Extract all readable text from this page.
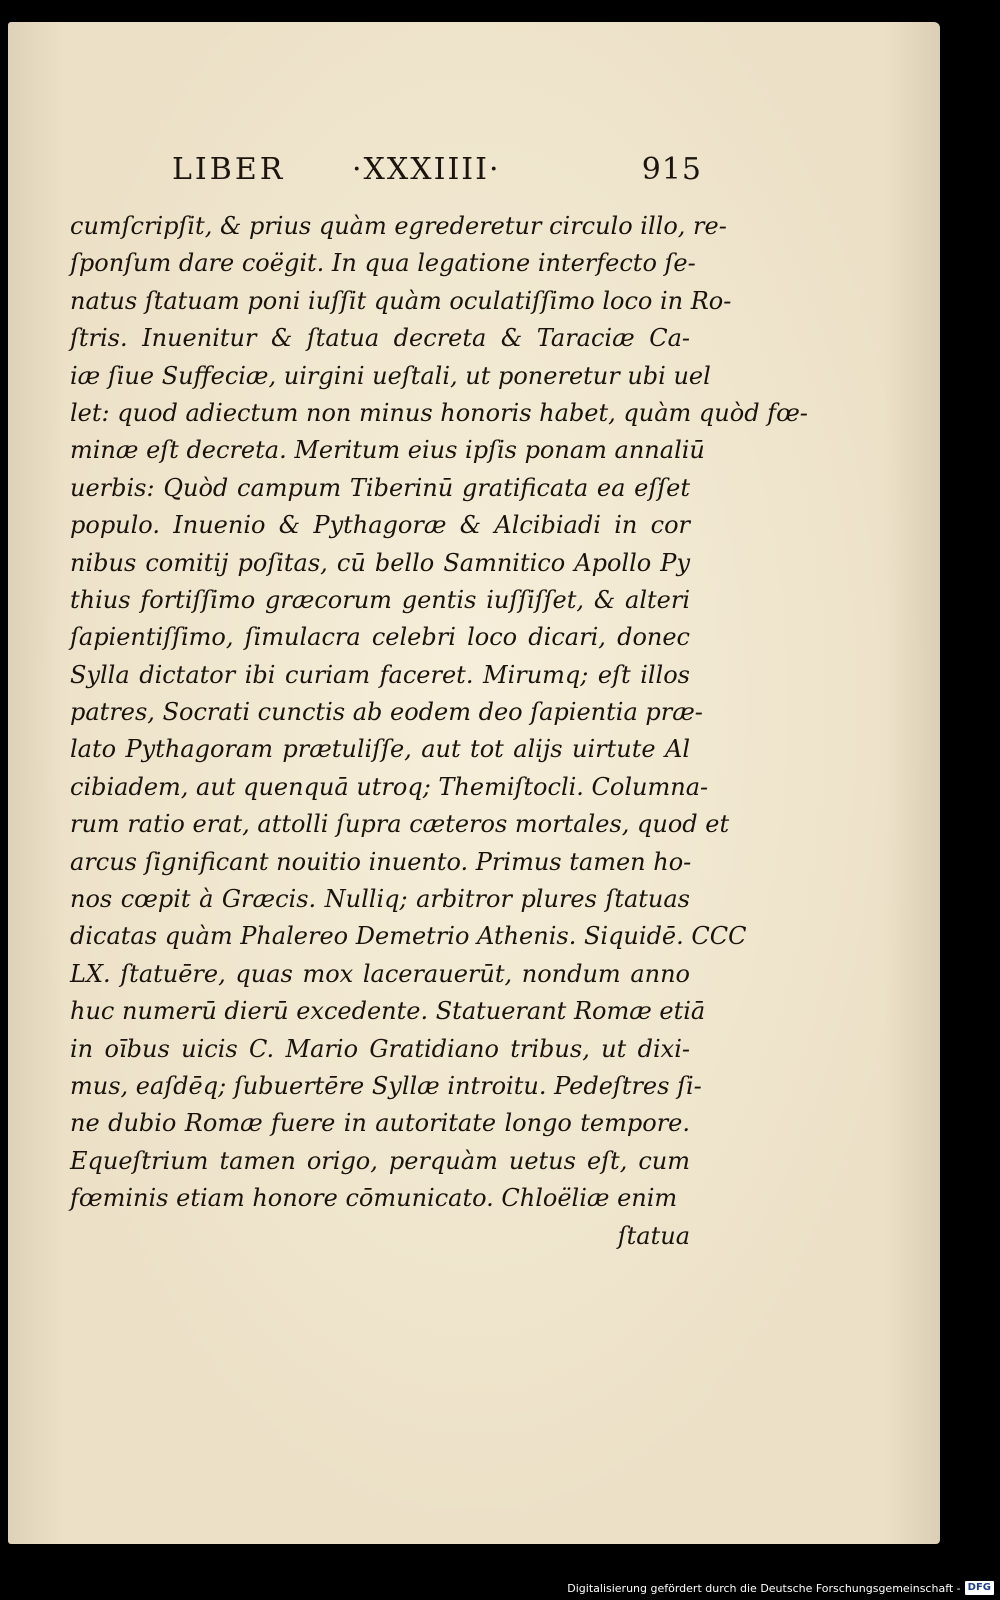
LIBER ·XXXIIII·	915
cumſcripſit, & prius quàm egrederetur circulo illo, re-
ſponſum dare coëgit. In qua legatione interfecto ſe-
natus ſtatuam poni iuſſit quàm oculatiſſimo loco in Ro-
ſtris. Inuenitur & ſtatua decreta & Taraciæ Ca-
iæ ſiue Suffeciæ, uirgini ueſtali, ut poneretur ubi uel
let: quod adiectum non minus honoris habet, quàm quòd fœ-
minæ eſt decreta. Meritum eius ipſis ponam annaliū
uerbis: Quòd campum Tiberinū gratificata ea eſſet
populo. Inuenio & Pythagoræ & Alcibiadi in cor
nibus comitij poſitas, cū bello Samnitico Apollo Py
thius fortiſſimo græcorum gentis iuſſiſſet, & alteri
ſapientiſſimo, ſimulacra celebri loco dicari, donec
Sylla dictator ibi curiam faceret. Mirumq; eſt illos
patres, Socrati cunctis ab eodem deo ſapientia præ-
lato Pythagoram prætuliſſe, aut tot alijs uirtute Al
cibiadem, aut quenquā utroq; Themiſtocli. Columna-
rum ratio erat, attolli ſupra cæteros mortales, quod et
arcus ſignificant nouitio inuento. Primus tamen ho-
nos cœpit à Græcis. Nulliq; arbitror plures ſtatuas
dicatas quàm Phalereo Demetrio Athenis. Siquidē. CCC
LX. ſtatuēre, quas mox lacerauerūt, nondum anno
huc numerū dierū excedente. Statuerant Romæ etiā
in oībus uicis C. Mario Gratidiano tribus, ut dixi-
mus, eaſdēq; ſubuertēre Syllæ introitu. Pedeſtres ſi-
ne dubio Romæ fuere in autoritate longo tempore.
Equeſtrium tamen origo, perquàm uetus eſt, cum
fœminis etiam honore cōmunicato. Chloëliæ enim
ſtatua
Digitalisierung gefördert durch die Deutsche Forschungsgemeinschaft - DFG
